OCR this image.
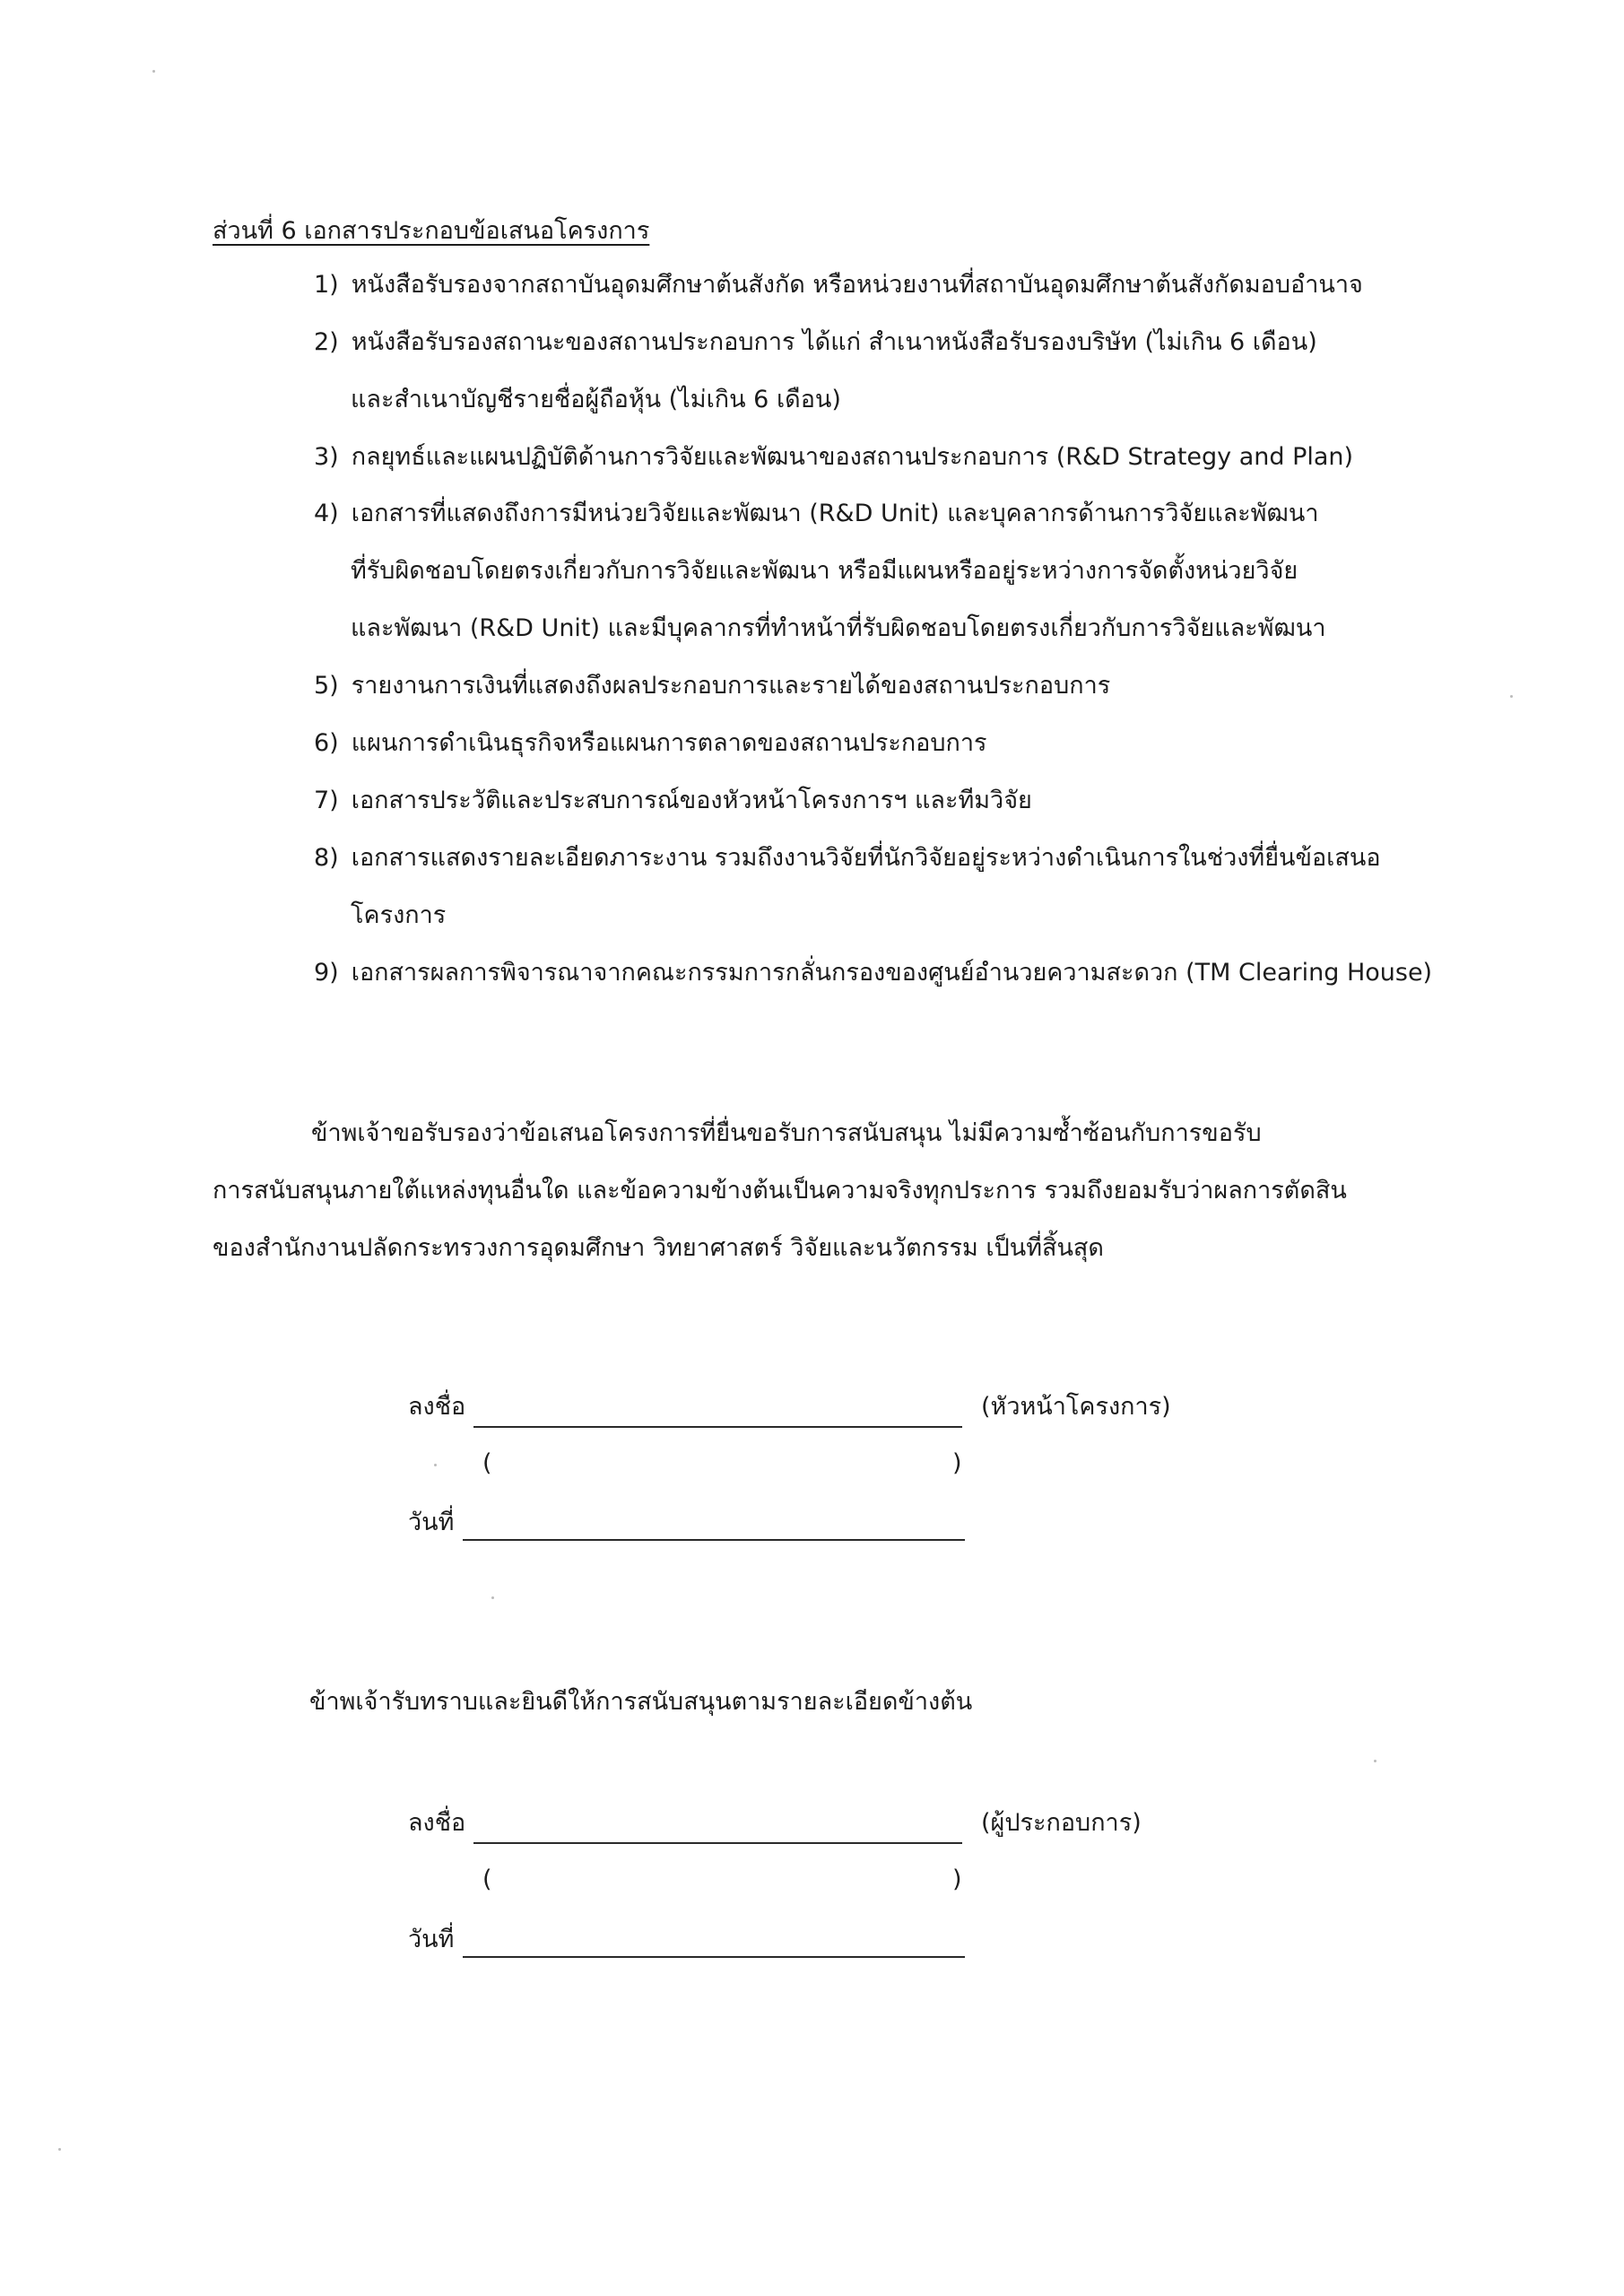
ส่วนที่ 6 เอกสารประกอบข้อเสนอโครงการ
1) หนังสือรับรองจากสถาบันอุดมศึกษาต้นสังกัด หรือหน่วยงานที่สถาบันอุดมศึกษาต้นสังกัดมอบอำนาจ
2) หนังสือรับรองสถานะของสถานประกอบการ ได้แก่ สำเนาหนังสือรับรองบริษัท (ไม่เกิน 6 เดือน)
และสำเนาบัญชีรายชื่อผู้ถือหุ้น (ไม่เกิน 6 เดือน)
3) กลยุทธ์และแผนปฏิบัติด้านการวิจัยและพัฒนาของสถานประกอบการ (R&D Strategy and Plan)
4) เอกสารที่แสดงถึงการมีหน่วยวิจัยและพัฒนา (R&D Unit) และบุคลากรด้านการวิจัยและพัฒนา
ที่รับผิดชอบโดยตรงเกี่ยวกับการวิจัยและพัฒนา หรือมีแผนหรืออยู่ระหว่างการจัดตั้งหน่วยวิจัย
และพัฒนา (R&D Unit) และมีบุคลากรที่ทำหน้าที่รับผิดชอบโดยตรงเกี่ยวกับการวิจัยและพัฒนา
5) รายงานการเงินที่แสดงถึงผลประกอบการและรายได้ของสถานประกอบการ
6) แผนการดำเนินธุรกิจหรือแผนการตลาดของสถานประกอบการ
7) เอกสารประวัติและประสบการณ์ของหัวหน้าโครงการฯ และทีมวิจัย
8) เอกสารแสดงรายละเอียดภาระงาน รวมถึงงานวิจัยที่นักวิจัยอยู่ระหว่างดำเนินการในช่วงที่ยื่นข้อเสนอ
โครงการ
9) เอกสารผลการพิจารณาจากคณะกรรมการกลั่นกรองของศูนย์อำนวยความสะดวก (TM Clearing House)
ข้าพเจ้าขอรับรองว่าข้อเสนอโครงการที่ยื่นขอรับการสนับสนุน ไม่มีความซ้ำซ้อนกับการขอรับ
การสนับสนุนภายใต้แหล่งทุนอื่นใด และข้อความข้างต้นเป็นความจริงทุกประการ รวมถึงยอมรับว่าผลการตัดสิน
ของสำนักงานปลัดกระทรวงการอุดมศึกษา วิทยาศาสตร์ วิจัยและนวัตกรรม เป็นที่สิ้นสุด
ลงชื่อ	(หัวหน้าโครงการ)
(	)
วันที่
ข้าพเจ้ารับทราบและยินดีให้การสนับสนุนตามรายละเอียดข้างต้น
ลงชื่อ	(ผู้ประกอบการ)
(	)
วันที่
